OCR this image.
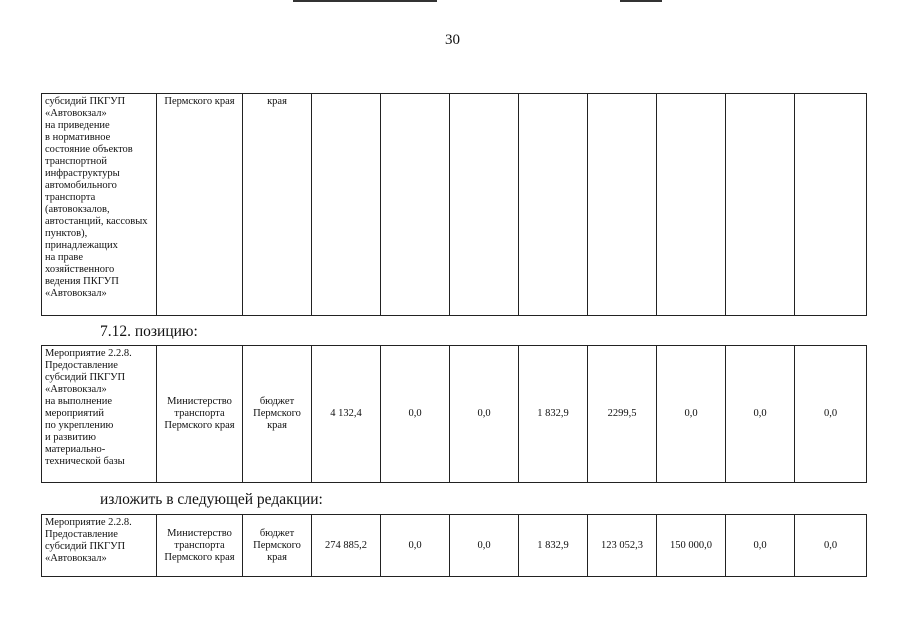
30
субсидий ПКГУП
«Автовокзал»
на приведение
в нормативное
состояние объектов
транспортной
инфраструктуры
автомобильного
транспорта
(автовокзалов,
автостанций, кассовых
пунктов),
принадлежащих
на праве
хозяйственного
ведения ПКГУП
«Автовокзал»	Пермского края	края								
7.12. позицию:
Мероприятие 2.2.8.
Предоставление
субсидий ПКГУП
«Автовокзал»
на выполнение
мероприятий
по укреплению
и развитию
материально-
технической базы	Министерство
транспорта
Пермского края	бюджет
Пермского
края	4 132,4	0,0	0,0	1 832,9	2299,5	0,0	0,0	0,0
изложить в следующей редакции:
Мероприятие 2.2.8.
Предоставление
субсидий ПКГУП
«Автовокзал»	Министерство
транспорта
Пермского края	бюджет
Пермского
края	274 885,2	0,0	0,0	1 832,9	123 052,3	150 000,0	0,0	0,0
